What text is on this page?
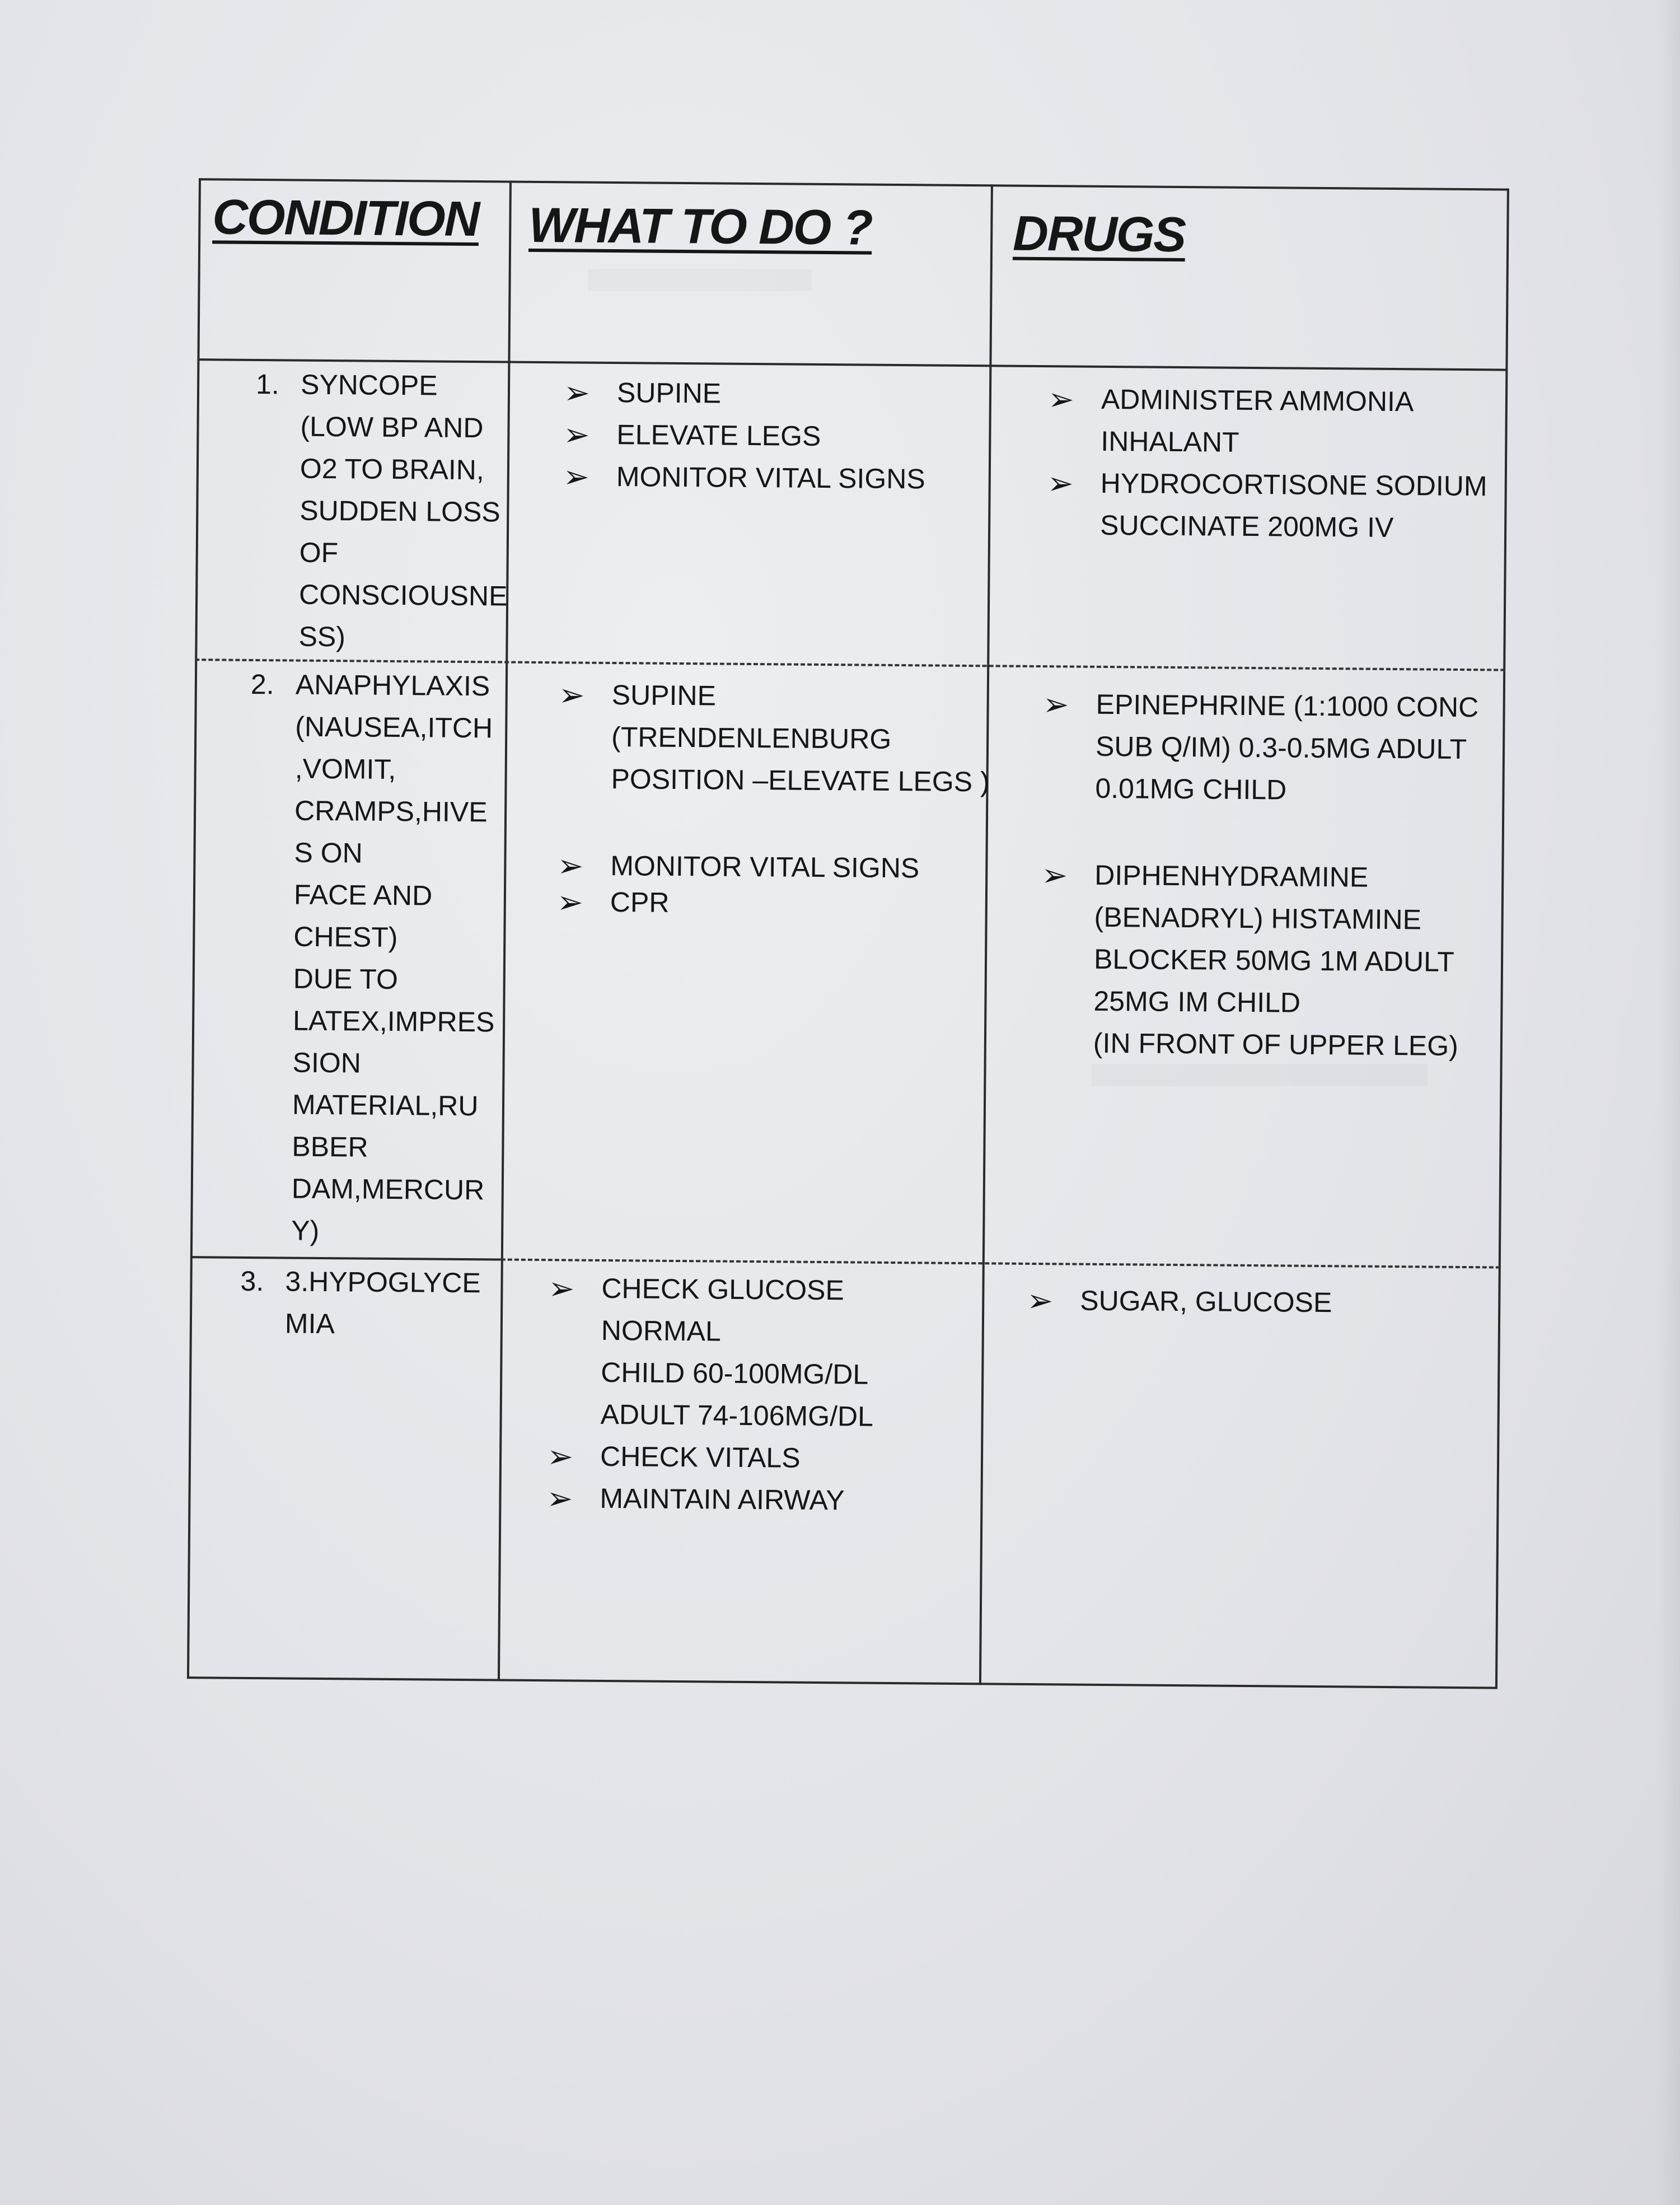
CONDITION WHAT TO DO ?	DRUGS
1. SYNCOPE
(LOW BP AND
O2 TO BRAIN,
SUDDEN LOSS
OF
CONSCIOUSNE
SS)
➢ SUPINE
➢ ELEVATE LEGS
➢ MONITOR VITAL SIGNS
➢ ADMINISTER AMMONIA
INHALANT
➢ HYDROCORTISONE SODIUM
SUCCINATE 200MG IV
2. ANAPHYLAXIS
(NAUSEA,ITCH
,VOMIT,
CRAMPS,HIVE
S ON
FACE AND
CHEST)
DUE TO
LATEX,IMPRES
SION
MATERIAL,RU
BBER
DAM,MERCUR
Y)
➢ SUPINE
(TRENDENLENBURG
POSITION –ELEVATE LEGS )
➢ MONITOR VITAL SIGNS
➢ CPR
➢ EPINEPHRINE (1:1000 CONC
SUB Q/IM) 0.3-0.5MG ADULT
0.01MG CHILD
➢ DIPHENHYDRAMINE
(BENADRYL) HISTAMINE
BLOCKER 50MG 1M ADULT
25MG IM CHILD
(IN FRONT OF UPPER LEG)
3. 3.HYPOGLYCE
MIA
➢ CHECK GLUCOSE
NORMAL
CHILD 60-100MG/DL
ADULT 74-106MG/DL
➢ CHECK VITALS
➢ MAINTAIN AIRWAY
➢ SUGAR, GLUCOSE
